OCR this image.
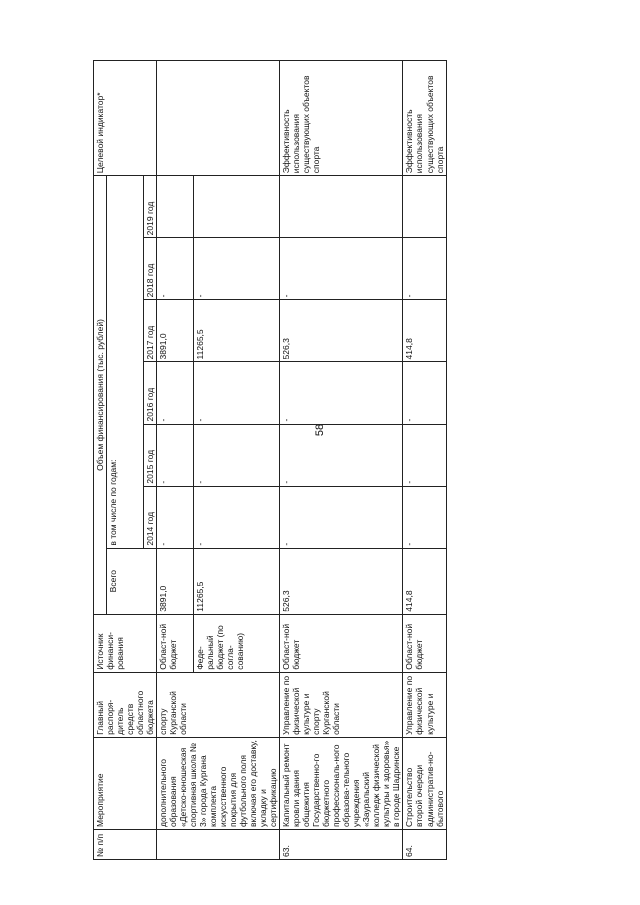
58
№ п/п	Мероприятие	Главный распоря-дитель средств областного бюджета	Источник финанси-рования	Объем финансирования (тыс. рублей)							Целевой индикатор*
				Всего	в том числе по годам:						
					2014 год	2015 год	2016 год	2017 год	2018 год	2019 год	
	дополнительного образования «Детско-юношеская спортивная школа № 3» города Кургана комплекта искусственного покрытия для футбольного поля включая его доставку, укладку и сертификацию	спорту Курганской области	Област-ной бюджет	3891,0	-	-	-	3891,0	-		
			Феде-ральный бюджет (по согла-сованию)	11265,5	-	-	-	11265,5	-		
63.	Капитальный ремонт кровли здания общежития Государственно-го бюджетного профессиональ-ного образова-тельного учреждения «Зауральский колледж физической культуры и здоровья» в городе Шадринске	Управление по физической культуре и спорту Курганской области	Област-ной бюджет	526,3	-	-	-	526,3	-		Эффективность использования существующих объектов спорта
64.	Строительство второй очереди административ-но-бытового	Управление по физической культуре и	Област-ной бюджет	414,8	-	-	-	414,8	-		Эффективность использования существующих объектов спорта
